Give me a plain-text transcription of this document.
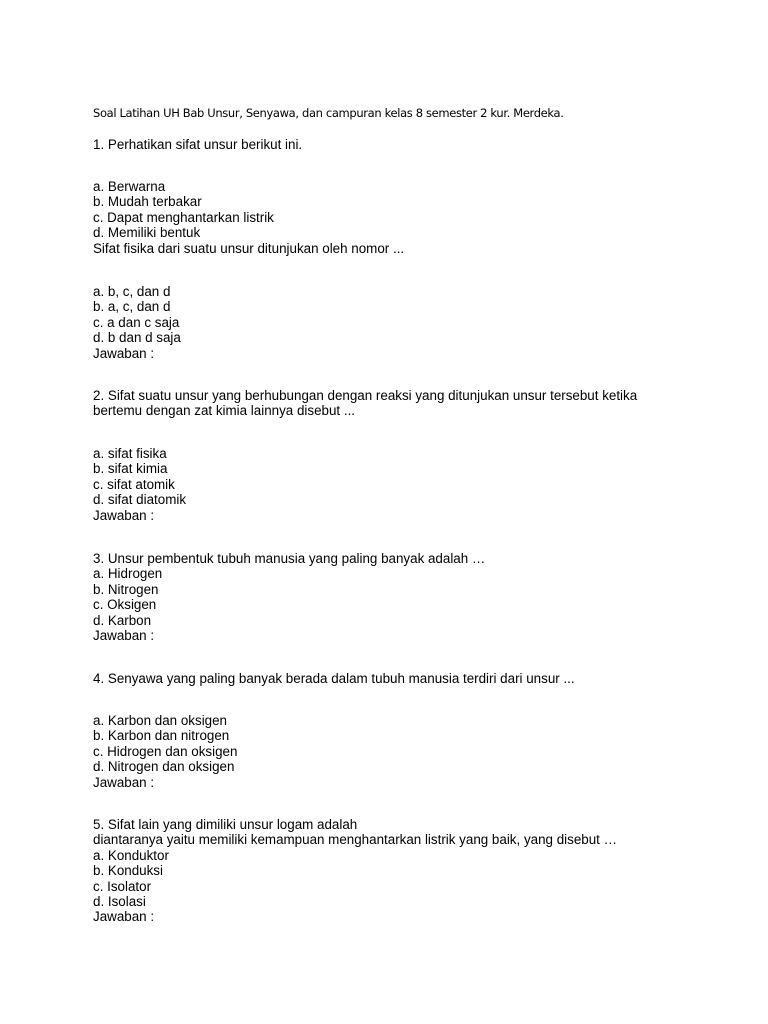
Soal Latihan UH Bab Unsur, Senyawa, dan campuran kelas 8 semester 2 kur. Merdeka.
1. Perhatikan sifat unsur berikut ini.
a. Berwarna
b. Mudah terbakar
c. Dapat menghantarkan listrik
d. Memiliki bentuk
Sifat fisika dari suatu unsur ditunjukan oleh nomor ...
a. b, c, dan d
b. a, c, dan d
c. a dan c saja
d. b dan d saja
Jawaban :
2. Sifat suatu unsur yang berhubungan dengan reaksi yang ditunjukan unsur tersebut ketika
bertemu dengan zat kimia lainnya disebut ...
a. sifat fisika
b. sifat kimia
c. sifat atomik
d. sifat diatomik
Jawaban :
3. Unsur pembentuk tubuh manusia yang paling banyak adalah …
a. Hidrogen
b. Nitrogen
c. Oksigen
d. Karbon
Jawaban :
4. Senyawa yang paling banyak berada dalam tubuh manusia terdiri dari unsur ...
a. Karbon dan oksigen
b. Karbon dan nitrogen
c. Hidrogen dan oksigen
d. Nitrogen dan oksigen
Jawaban :
5. Sifat lain yang dimiliki unsur logam adalah
diantaranya yaitu memiliki kemampuan menghantarkan listrik yang baik, yang disebut …
a. Konduktor
b. Konduksi
c. Isolator
d. Isolasi
Jawaban :
